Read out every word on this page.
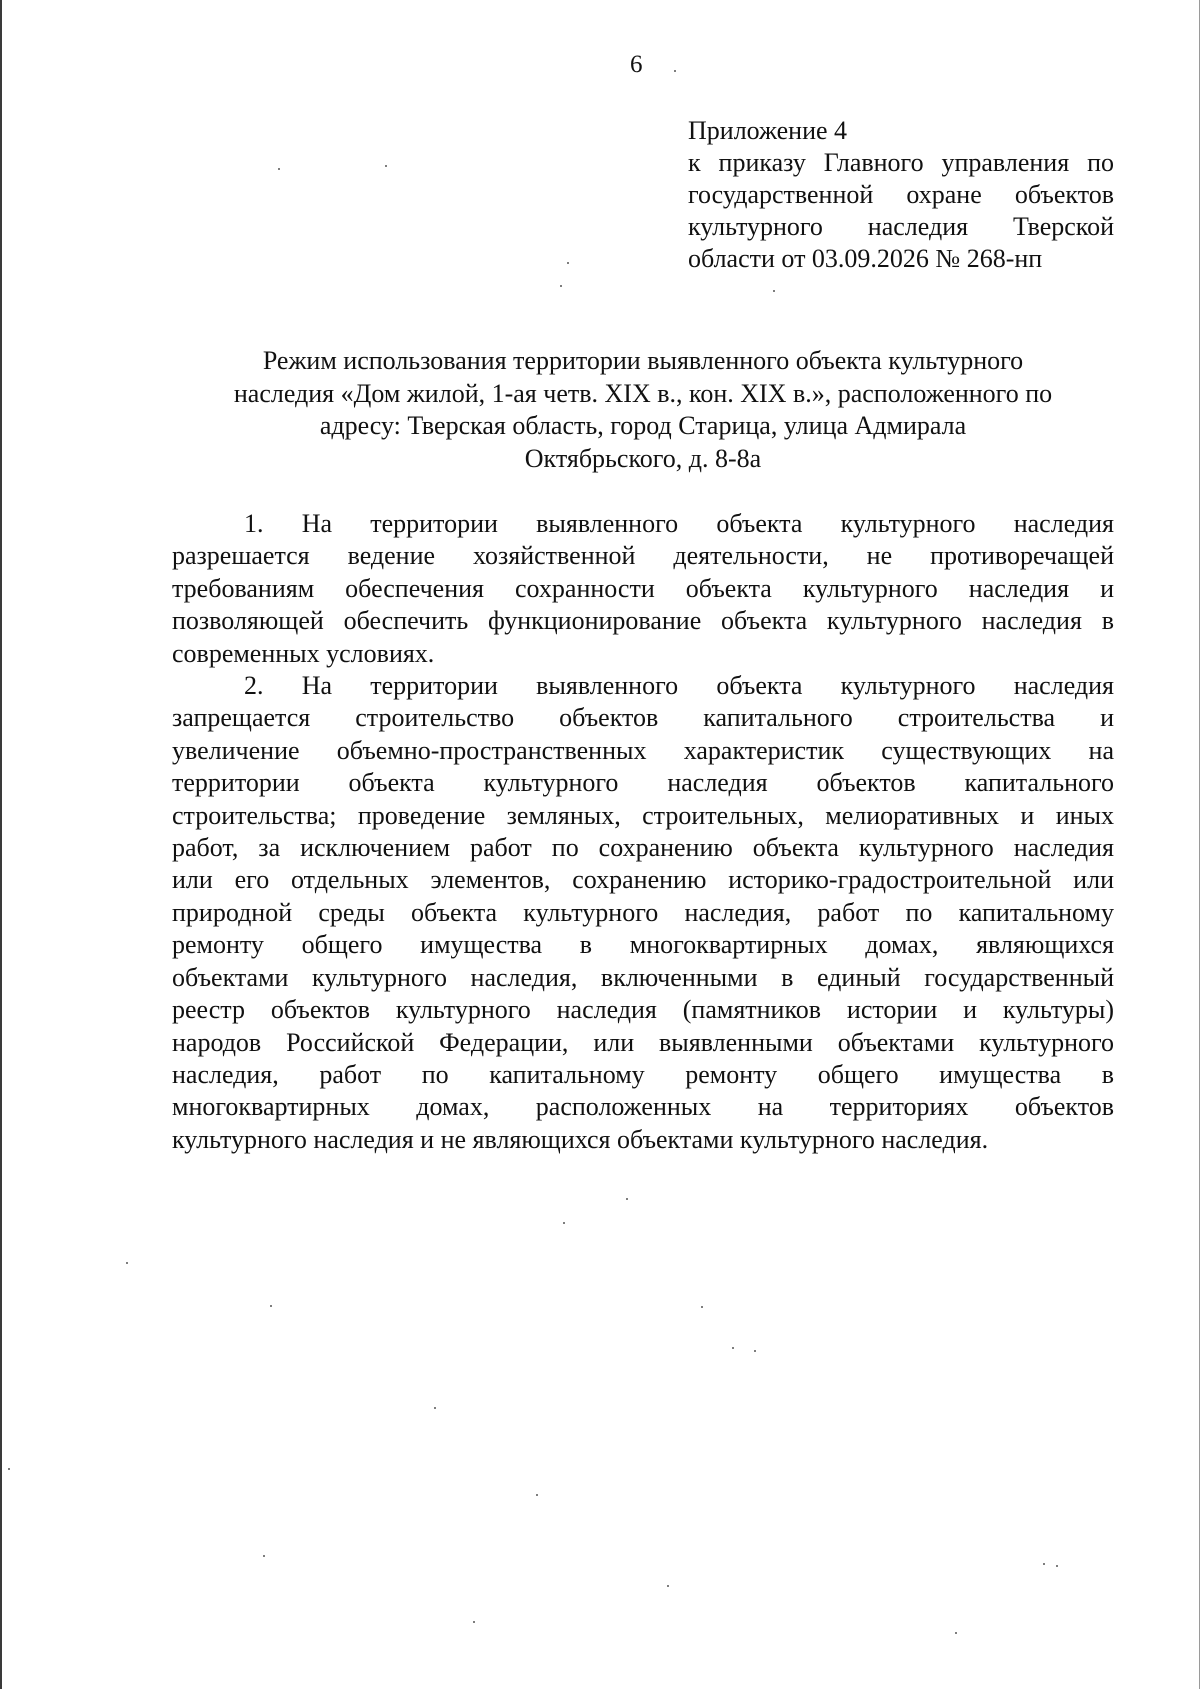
6
Приложение 4
к приказу Главного управления по
государственной охране объектов
культурного наследия Тверской
области от 03.09.2026 № 268-нп
Режим использования территории выявленного объекта культурного
наследия «Дом жилой, 1-ая четв. XIX в., кон. XIX в.», расположенного по
адресу: Тверская область, город Старица, улица Адмирала
Октябрьского, д. 8-8а
1. На территории выявленного объекта культурного наследия
разрешается ведение хозяйственной деятельности, не противоречащей
требованиям обеспечения сохранности объекта культурного наследия и
позволяющей обеспечить функционирование объекта культурного наследия в
современных условиях.
2. На территории выявленного объекта культурного наследия
запрещается строительство объектов капитального строительства и
увеличение объемно-пространственных характеристик существующих на
территории объекта культурного наследия объектов капитального
строительства; проведение земляных, строительных, мелиоративных и иных
работ, за исключением работ по сохранению объекта культурного наследия
или его отдельных элементов, сохранению историко-градостроительной или
природной среды объекта культурного наследия, работ по капитальному
ремонту общего имущества в многоквартирных домах, являющихся
объектами культурного наследия, включенными в единый государственный
реестр объектов культурного наследия (памятников истории и культуры)
народов Российской Федерации, или выявленными объектами культурного
наследия, работ по капитальному ремонту общего имущества в
многоквартирных домах, расположенных на территориях объектов
культурного наследия и не являющихся объектами культурного наследия.
